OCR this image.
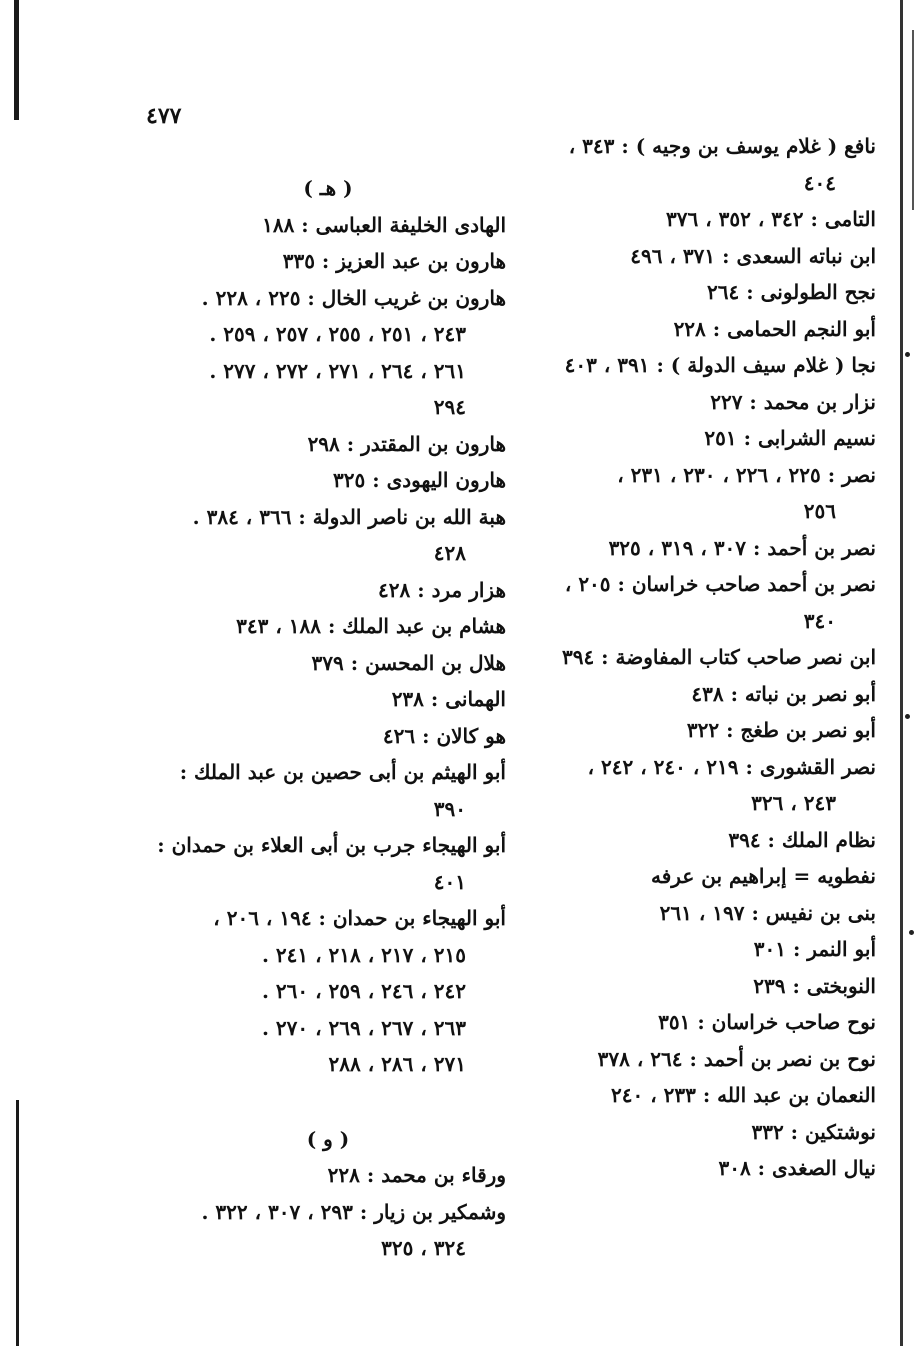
٤٧٧
نافع ( غلام يوسف بن وجيه ) : ٣٤٣ ،
٤٠٤
التامى : ٣٤٢ ، ٣٥٢ ، ٣٧٦
ابن نباته السعدى : ٣٧١ ، ٤٩٦
نجح الطولونى : ٢٦٤
أبو النجم الحمامى : ٢٢٨
نجا ( غلام سيف الدولة ) : ٣٩١ ، ٤٠٣
نزار بن محمد : ٢٢٧
نسيم الشرابى : ٢٥١
نصر : ٢٢٥ ، ٢٢٦ ، ٢٣٠ ، ٢٣١ ،
٢٥٦
نصر بن أحمد : ٣٠٧ ، ٣١٩ ، ٣٢٥
نصر بن أحمد صاحب خراسان : ٢٠٥ ،
٣٤٠
ابن نصر صاحب كتاب المفاوضة : ٣٩٤
أبو نصر بن نباته : ٤٣٨
أبو نصر بن طغج : ٣٢٢
نصر القشورى : ٢١٩ ، ٢٤٠ ، ٢٤٢ ،
٢٤٣ ، ٣٢٦
نظام الملك : ٣٩٤
نفطويه = إبراهيم بن عرفه
بنى بن نفيس : ١٩٧ ، ٢٦١
أبو النمر : ٣٠١
النوبختى : ٢٣٩
نوح صاحب خراسان : ٣٥١
نوح بن نصر بن أحمد : ٢٦٤ ، ٣٧٨
النعمان بن عبد الله : ٢٣٣ ، ٢٤٠
نوشتكين : ٣٣٢
نيال الصغدى : ٣٠٨
( هـ )
الهادى الخليفة العباسى : ١٨٨
هارون بن عبد العزيز : ٣٣٥
هارون بن غريب الخال : ٢٢٥ ، ٢٢٨ .
٢٤٣ ، ٢٥١ ، ٢٥٥ ، ٢٥٧ ، ٢٥٩ .
٢٦١ ، ٢٦٤ ، ٢٧١ ، ٢٧٢ ، ٢٧٧ .
٢٩٤
هارون بن المقتدر : ٢٩٨
هارون اليهودى : ٣٢٥
هبة الله بن ناصر الدولة : ٣٦٦ ، ٣٨٤ .
٤٢٨
هزار مرد : ٤٢٨
هشام بن عبد الملك : ١٨٨ ، ٣٤٣
هلال بن المحسن : ٣٧٩
الهمانى : ٢٣٨
هو كالان : ٤٢٦
أبو الهيثم بن أبى حصين بن عبد الملك :
٣٩٠
أبو الهيجاء جرب بن أبى العلاء بن حمدان :
٤٠١
أبو الهيجاء بن حمدان : ١٩٤ ، ٢٠٦ ،
٢١٥ ، ٢١٧ ، ٢١٨ ، ٢٤١ .
٢٤٢ ، ٢٤٦ ، ٢٥٩ ، ٢٦٠ .
٢٦٣ ، ٢٦٧ ، ٢٦٩ ، ٢٧٠ .
٢٧١ ، ٢٨٦ ، ٢٨٨
( و )
ورقاء بن محمد : ٢٢٨
وشمكير بن زيار : ٢٩٣ ، ٣٠٧ ، ٣٢٢ .
٣٢٤ ، ٣٢٥
